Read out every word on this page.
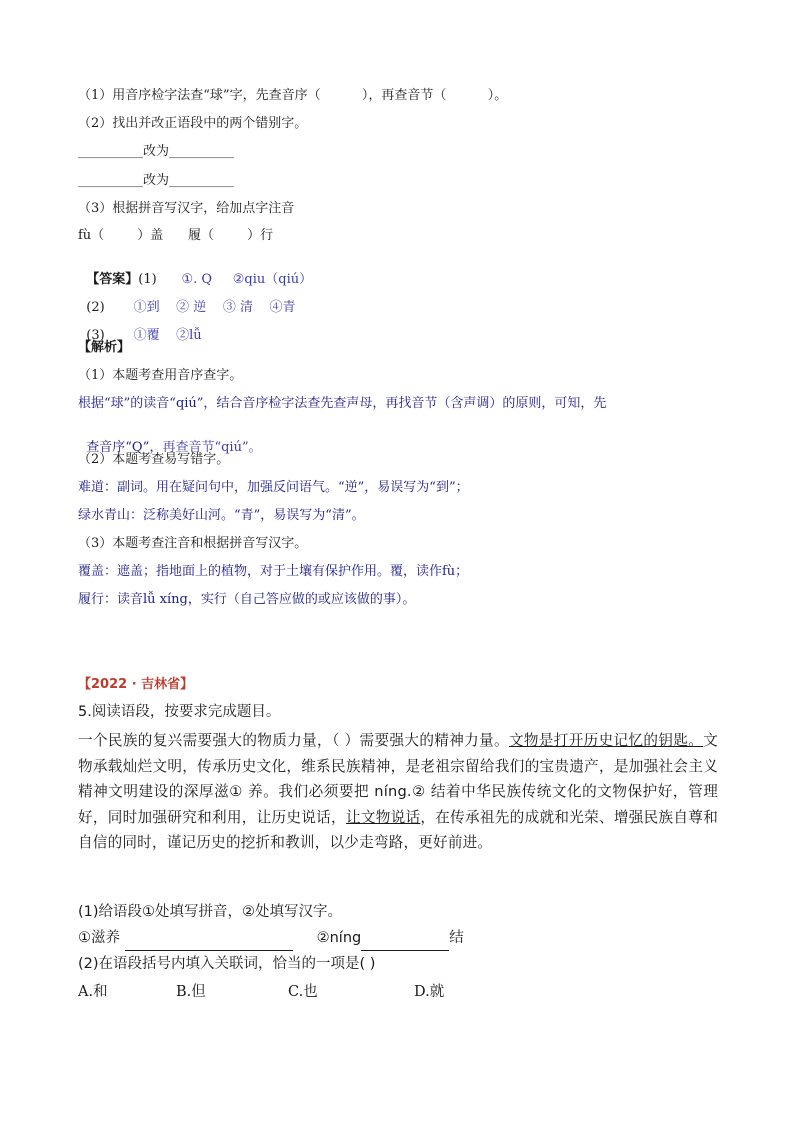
（1）用音序检字法查“球”字，先查音序（          ），再查音节（          ）。
（2）找出并改正语段中的两个错别字。
__________改为__________
__________改为__________
（3）根据拼音写汉字，给加点字注音
fù（        ）盖      履（        ）行

【答案】(1) ①. Q     ②qiu（qiú）

(2) ①到    ② 逆    ③ 清    ④青

(3) ①覆    ②lǚ

【解析】
（1）本题考查用音序查字。
根据“球”的读音“qiú”，结合音序检字法查先查声母，再找音节（含声调）的原则，可知，先

查音序“Q”，再查音节“qiú”。

（2）本题考查易写错字。
难道：副词。用在疑问句中，加强反问语气。“逆”，易误写为“到”；
绿水青山：泛称美好山河。“青”，易误写为“清”。
（3）本题考查注音和根据拼音写汉字。
覆盖：遮盖；指地面上的植物，对于土壤有保护作用。覆，读作fù；
履行：读音lǚ xíng，实行（自己答应做的或应该做的事）。
【2022 · 吉林省】
5.阅读语段，按要求完成题目。
一个民族的复兴需要强大的物质力量，（ ）需要强大的精神力量。文物是打开历史记忆的钥匙。文物承载灿烂文明，传承历史文化，维系民族精神，是老祖宗留给我们的宝贵遗产，是加强社会主义精神文明建设的深厚滋① 养。我们必须要把 níng.② 结着中华民族传统文化的文物保护好，管理好，同时加强研究和利用，让历史说话，让文物说话，在传承祖先的成就和光荣、增强民族自尊和自信的同时，谨记历史的挖折和教训，以少走弯路，更好前进。
(1)给语段①处填写拼音，②处填写汉字。
①滋养	②níng	结
(2)在语段括号内填入关联词，恰当的一项是( )
A.和	B.但	C.也	D.就
